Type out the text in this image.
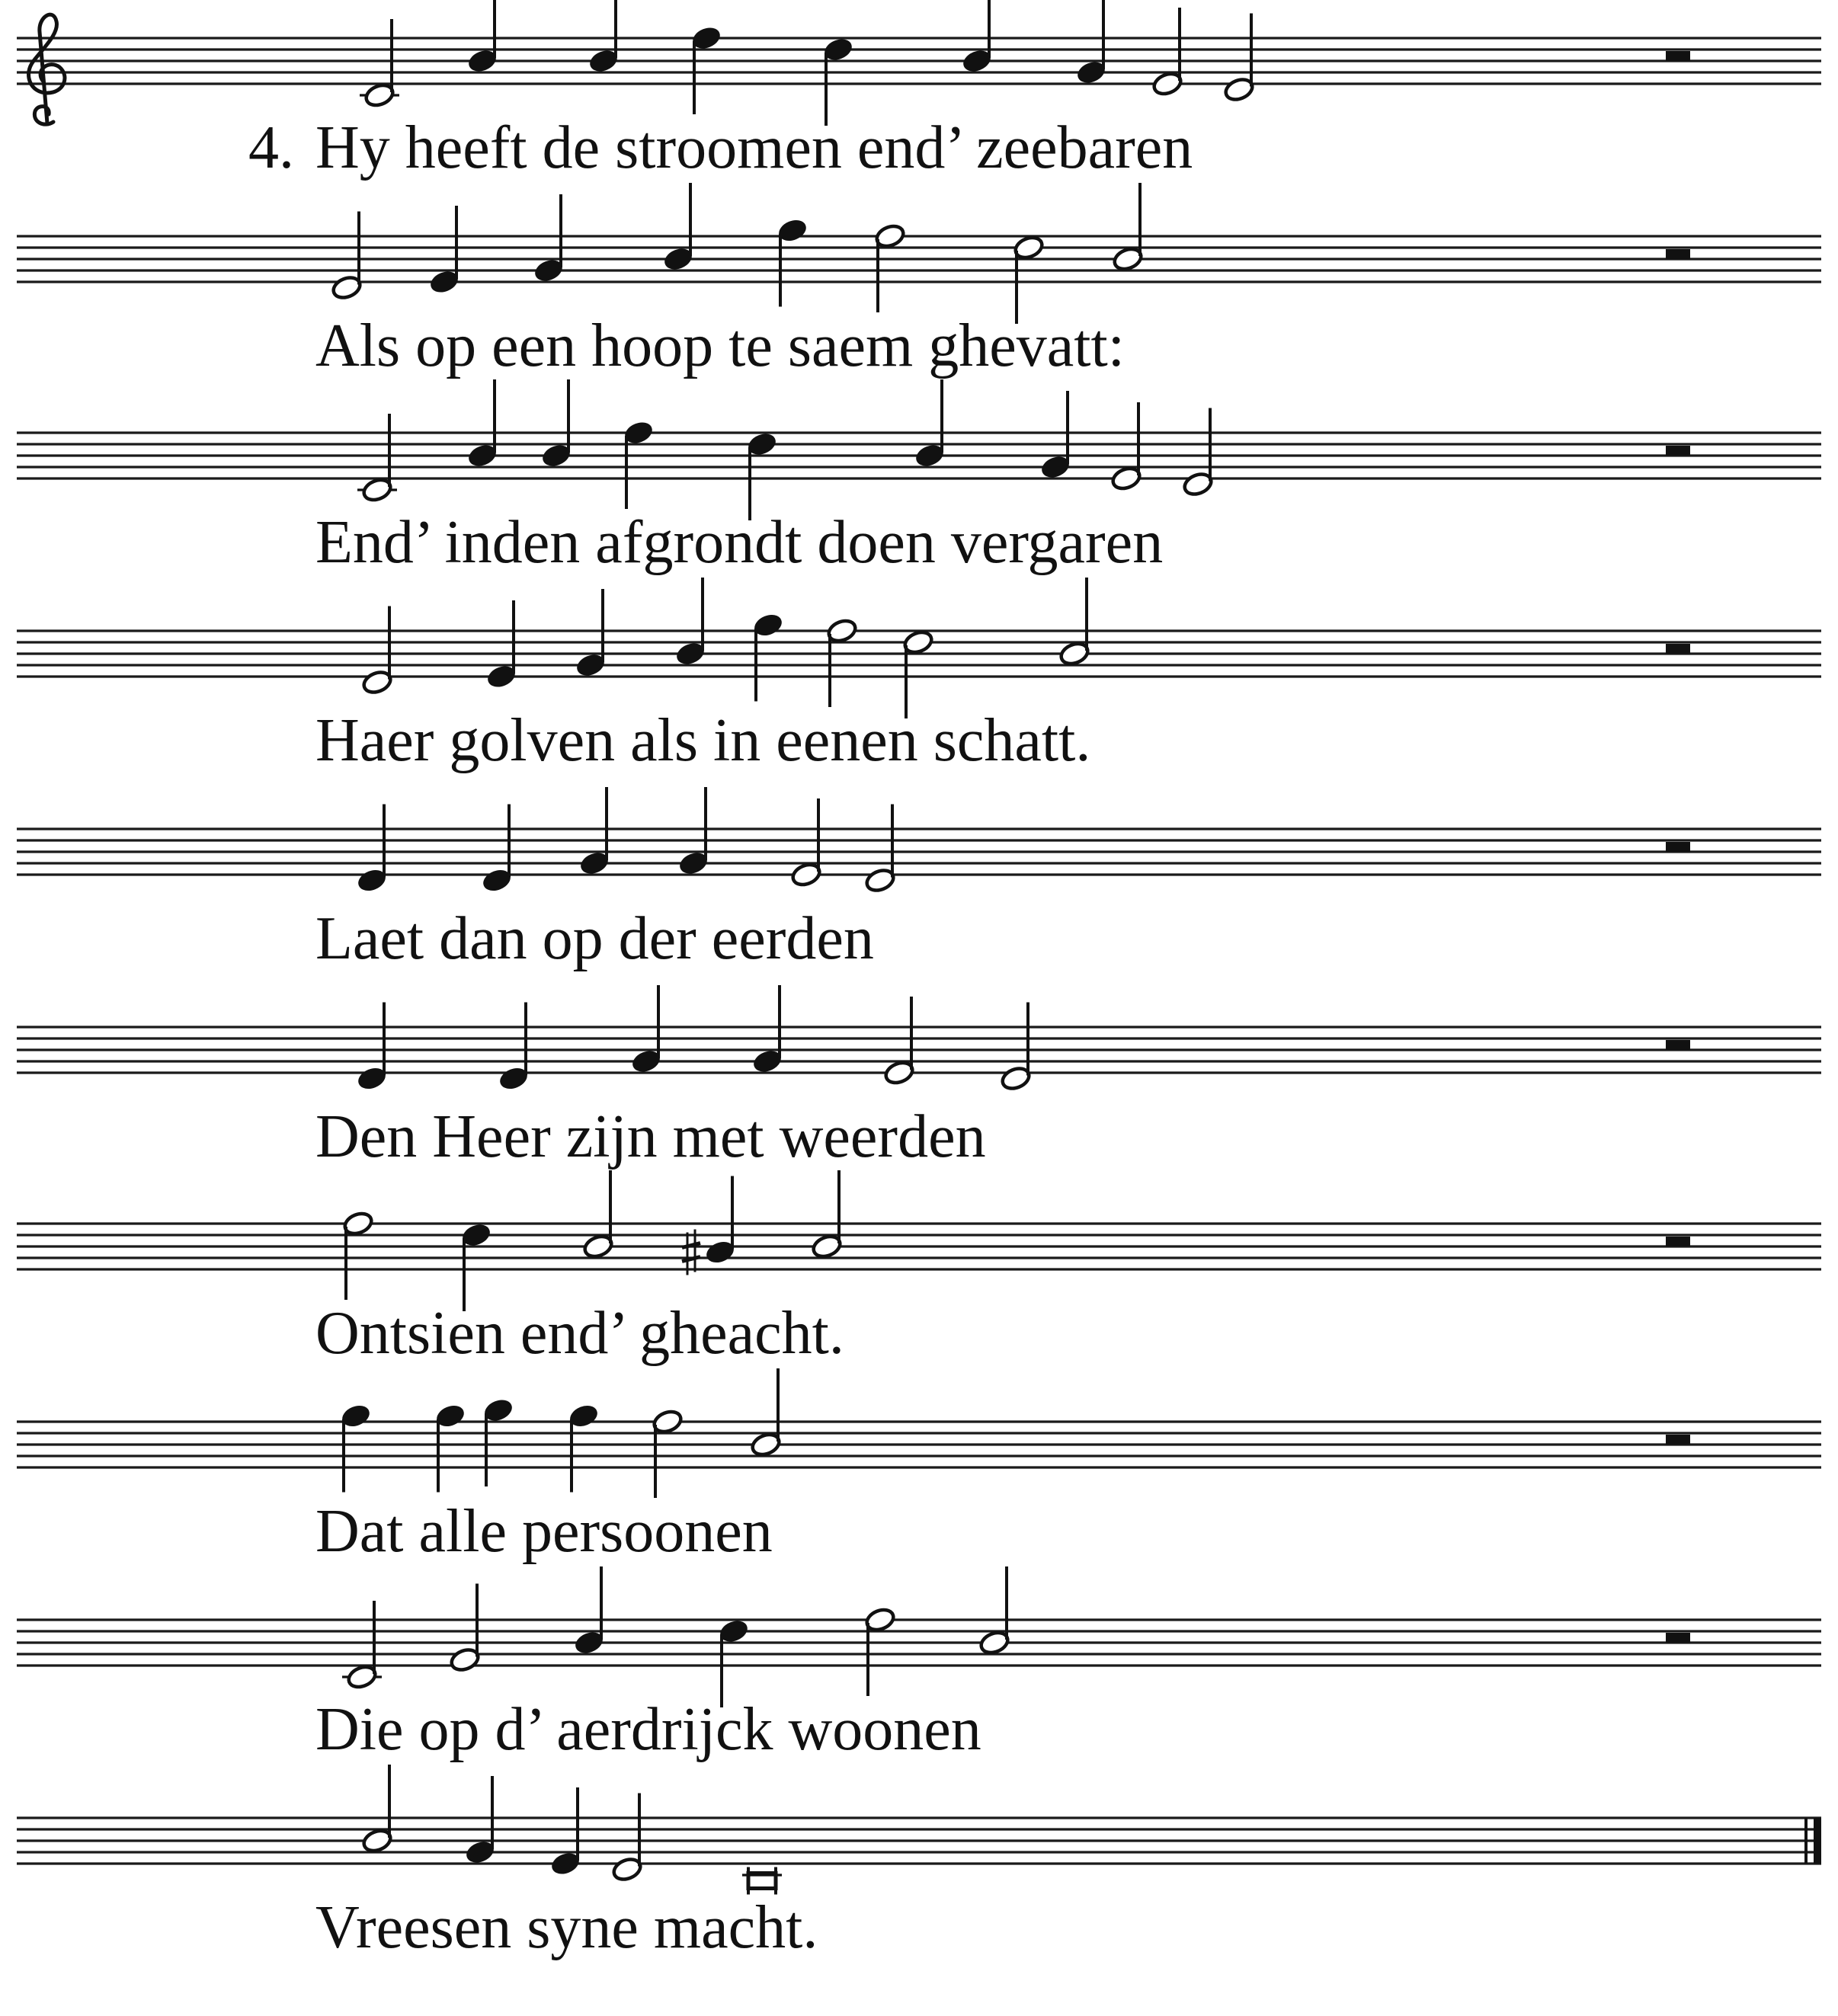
4. Hy heeft de stroomen end’ zeebaren
Als op een hoop te saem ghevatt:
End’ inden afgrondt doen vergaren
Haer golven als in eenen schatt.
Laet dan op der eerden
Den Heer zijn met weerden
Ontsien end’ gheacht.
Dat alle persoonen
Die op d’ aerdrijck woonen
Vreesen syne macht.
